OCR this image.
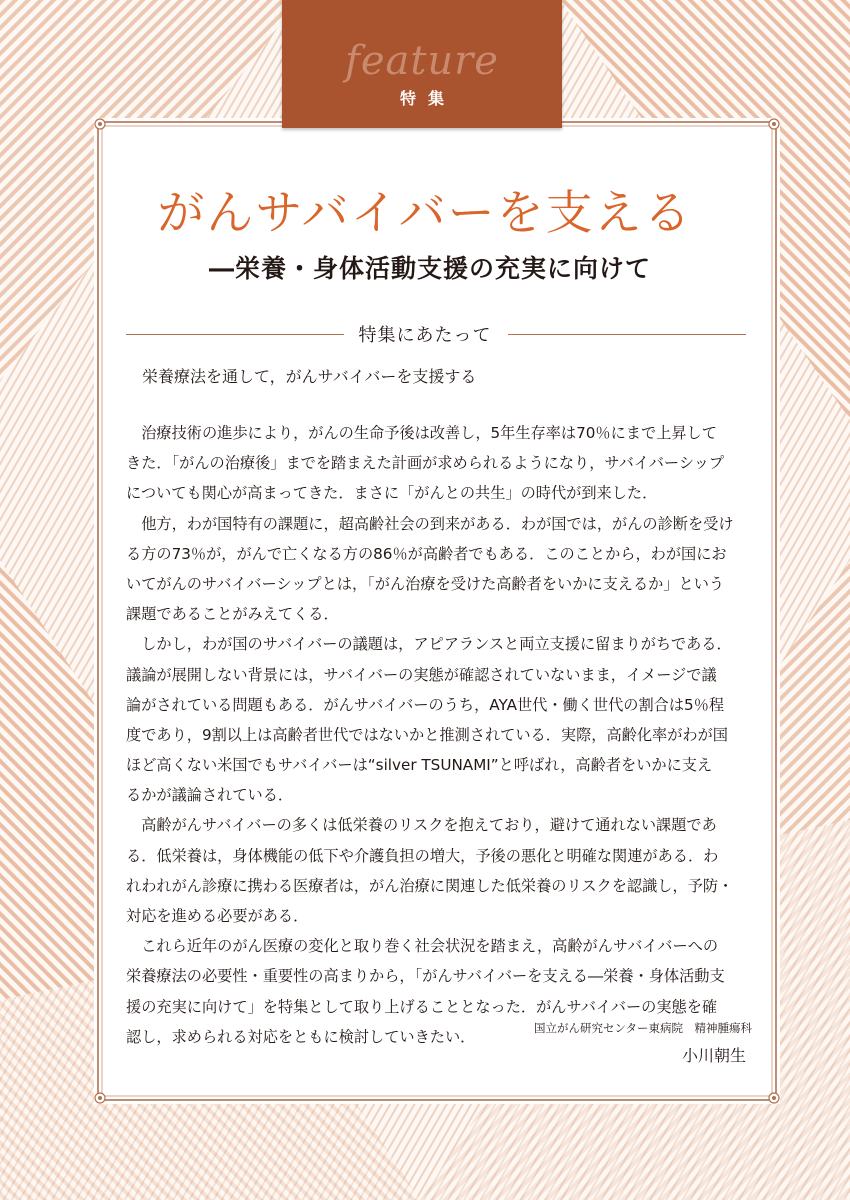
feature
特集
がんサバイバーを支える
―栄養・身体活動支援の充実に向けて
特集にあたって
栄養療法を通して，がんサバイバーを支援する
　治療技術の進歩により，がんの生命予後は改善し，5年生存率は70％にまで上昇して
きた．「がんの治療後」までを踏まえた計画が求められるようになり，サバイバーシップ
についても関心が高まってきた．まさに「がんとの共生」の時代が到来した．
　他方，わが国特有の課題に，超高齢社会の到来がある．わが国では，がんの診断を受け
る方の73％が，がんで亡くなる方の86％が高齢者でもある．このことから，わが国にお
いてがんのサバイバーシップとは，「がん治療を受けた高齢者をいかに支えるか」という
課題であることがみえてくる．
　しかし，わが国のサバイバーの議題は，アピアランスと両立支援に留まりがちである．
議論が展開しない背景には，サバイバーの実態が確認されていないまま，イメージで議
論がされている問題もある．がんサバイバーのうち，AYA世代・働く世代の割合は5％程
度であり，9割以上は高齢者世代ではないかと推測されている．実際，高齢化率がわが国
ほど高くない米国でもサバイバーは“silver TSUNAMI”と呼ばれ，高齢者をいかに支え
るかが議論されている．
　高齢がんサバイバーの多くは低栄養のリスクを抱えており，避けて通れない課題であ
る．低栄養は，身体機能の低下や介護負担の増大，予後の悪化と明確な関連がある．わ
れわれがん診療に携わる医療者は，がん治療に関連した低栄養のリスクを認識し，予防・
対応を進める必要がある．
　これら近年のがん医療の変化と取り巻く社会状況を踏まえ，高齢がんサバイバーへの
栄養療法の必要性・重要性の高まりから，「がんサバイバーを支える―栄養・身体活動支
援の充実に向けて」を特集として取り上げることとなった．がんサバイバーの実態を確
認し，求められる対応をともに検討していきたい．	国立がん研究センター東病院　精神腫瘍科
小川朝生
